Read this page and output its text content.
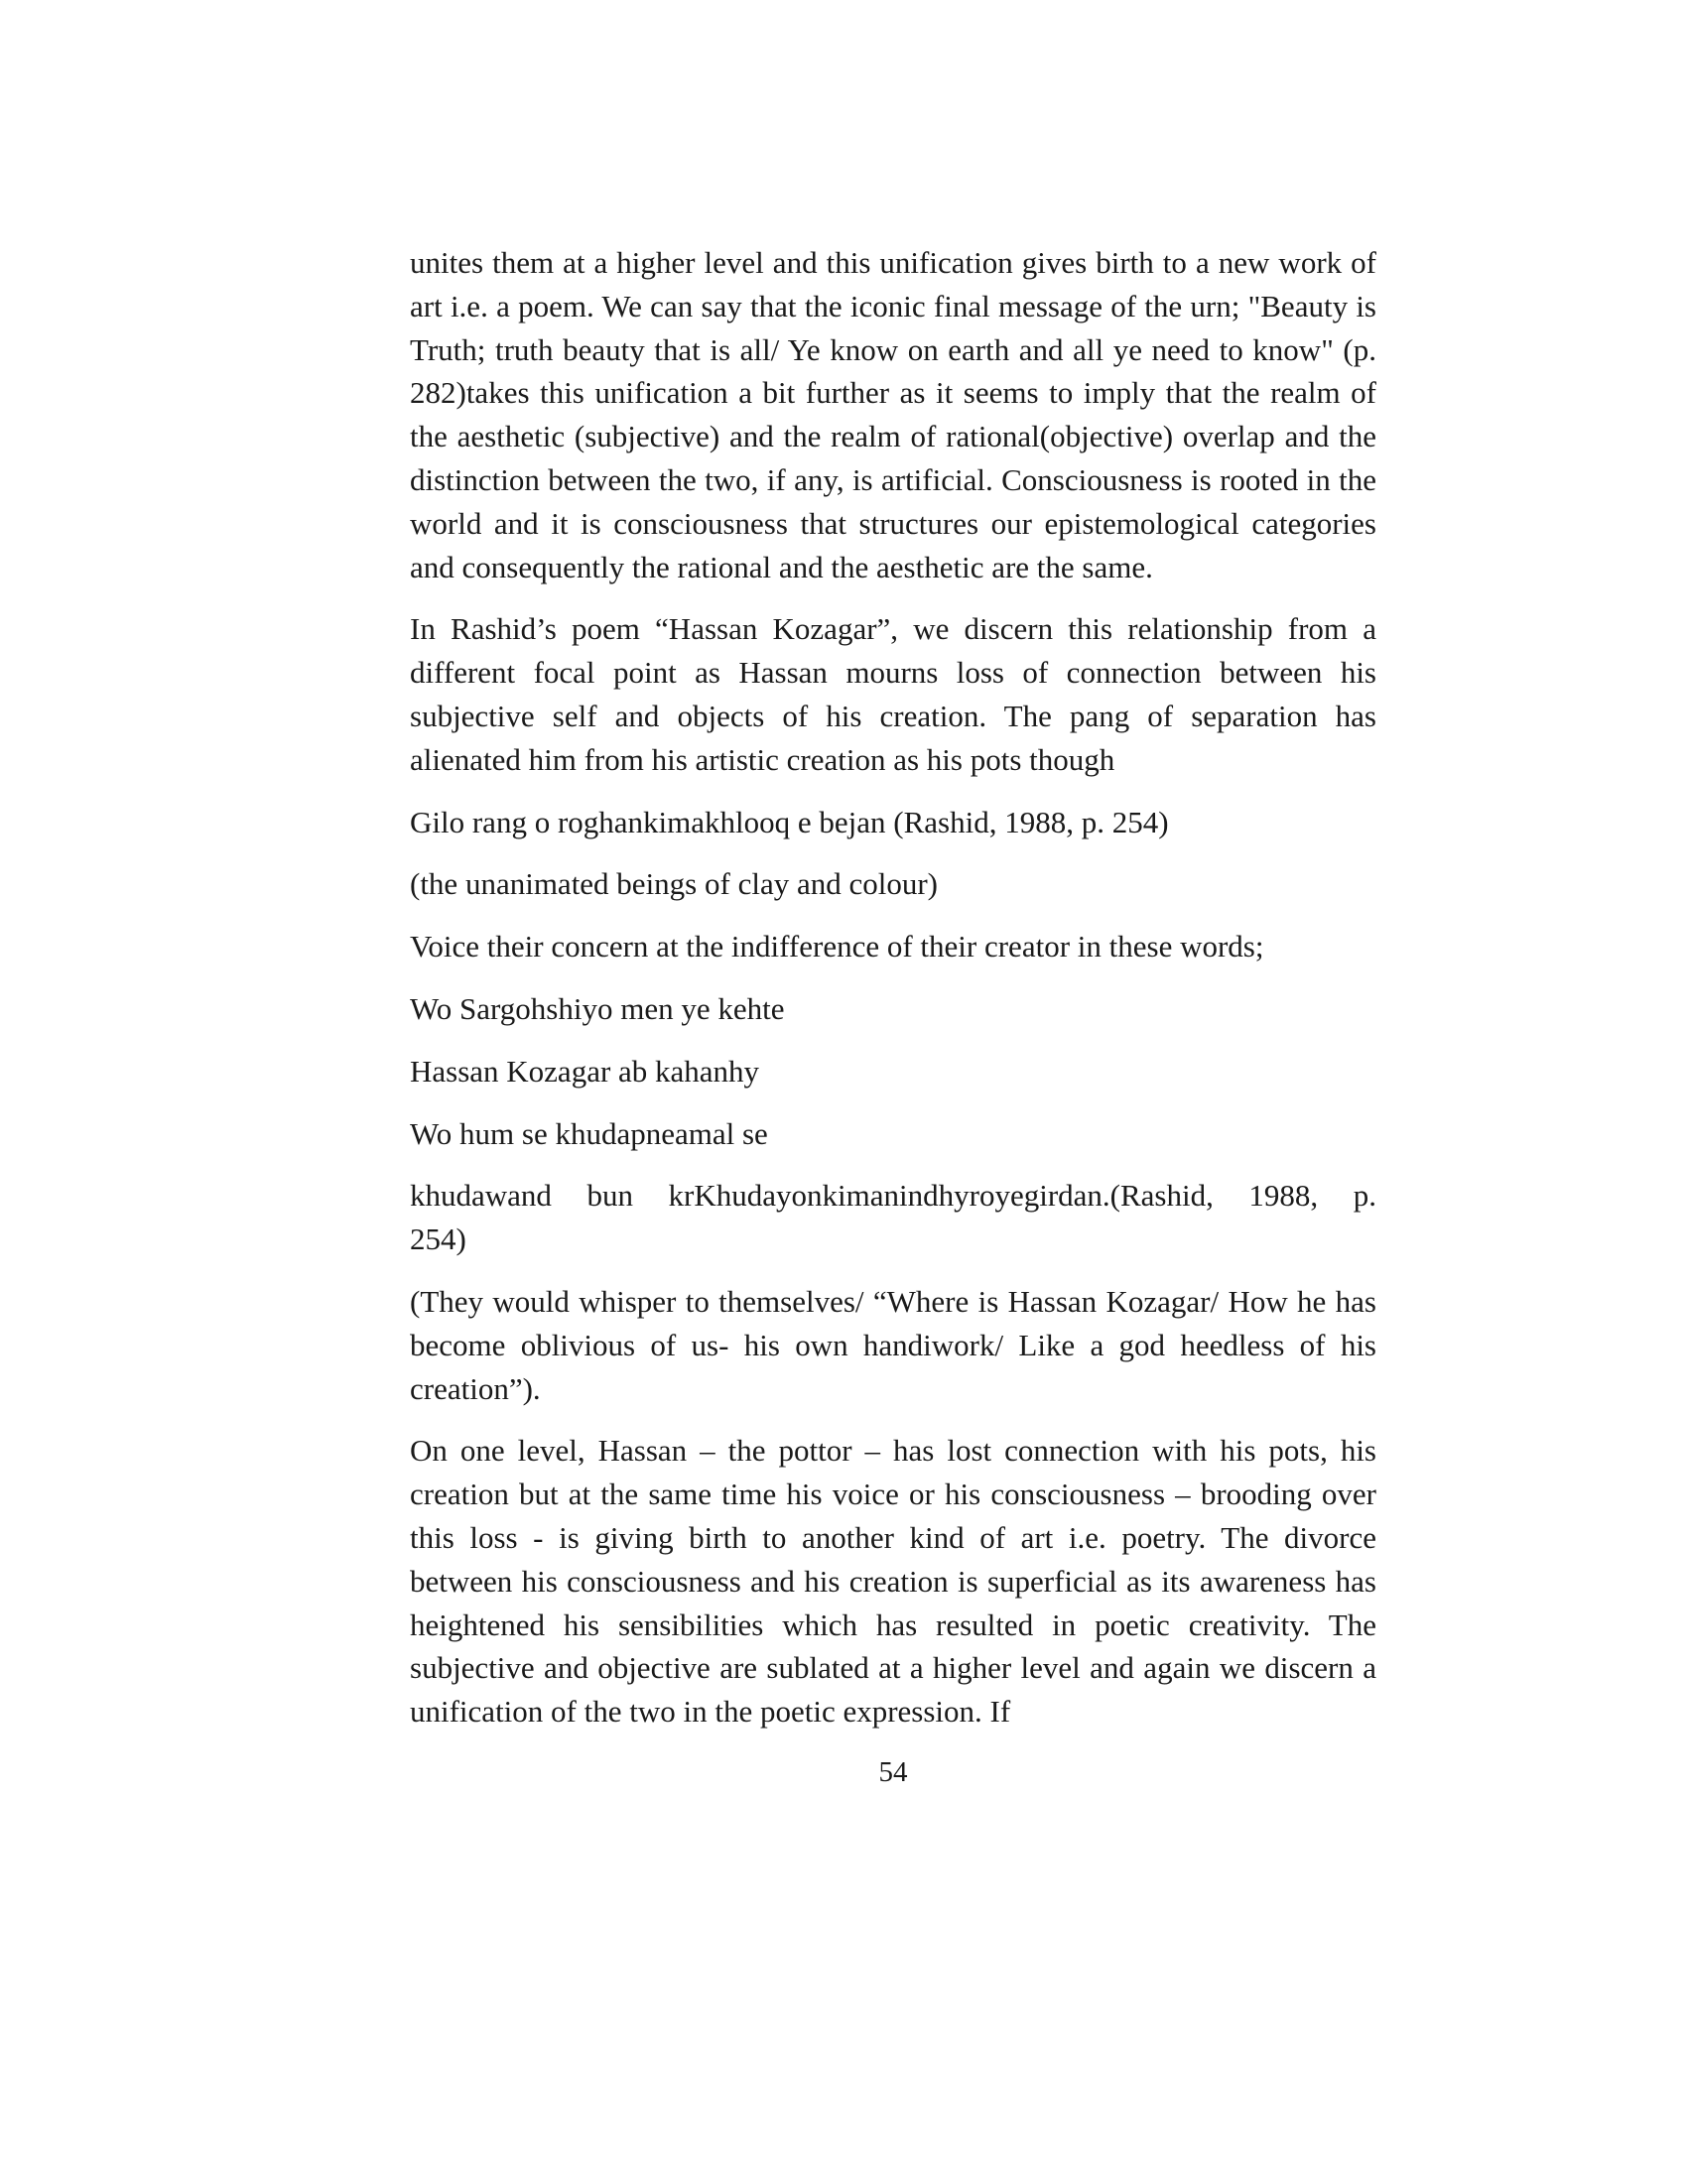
unites them at a higher level and this unification gives birth to a new work of art i.e. a poem. We can say that the iconic final message of the urn; "Beauty is Truth; truth beauty that is all/ Ye know on earth and all ye need to know" (p. 282)takes this unification a bit further as it seems to imply that the realm of the aesthetic (subjective) and the realm of rational(objective) overlap and the distinction between the two, if any, is artificial. Consciousness is rooted in the world and it is consciousness that structures our epistemological categories and consequently the rational and the aesthetic are the same.

In Rashid’s poem “Hassan Kozagar”, we discern this relationship from a different focal point as Hassan mourns loss of connection between his subjective self and objects of his creation. The pang of separation has alienated him from his artistic creation as his pots though

Gilo rang o roghankimakhlooq e bejan (Rashid, 1988, p. 254)

(the unanimated beings of clay and colour)

Voice their concern at the indifference of their creator in these words;

Wo Sargohshiyo men ye kehte

Hassan Kozagar ab kahanhy

Wo hum se khudapneamal se

khudawand bun krKhudayonkimanindhyroyegirdan.(Rashid, 1988, p. 254)

(They would whisper to themselves/ “Where is Hassan Kozagar/ How he has become oblivious of us- his own handiwork/ Like a god heedless of his creation”).

On one level, Hassan – the pottor – has lost connection with his pots, his creation but at the same time his voice or his consciousness – brooding over this loss - is giving birth to another kind of art i.e. poetry. The divorce between his consciousness and his creation is superficial as its awareness has heightened his sensibilities which has resulted in poetic creativity. The subjective and objective are sublated at a higher level and again we discern a unification of the two in the poetic expression. If

54
